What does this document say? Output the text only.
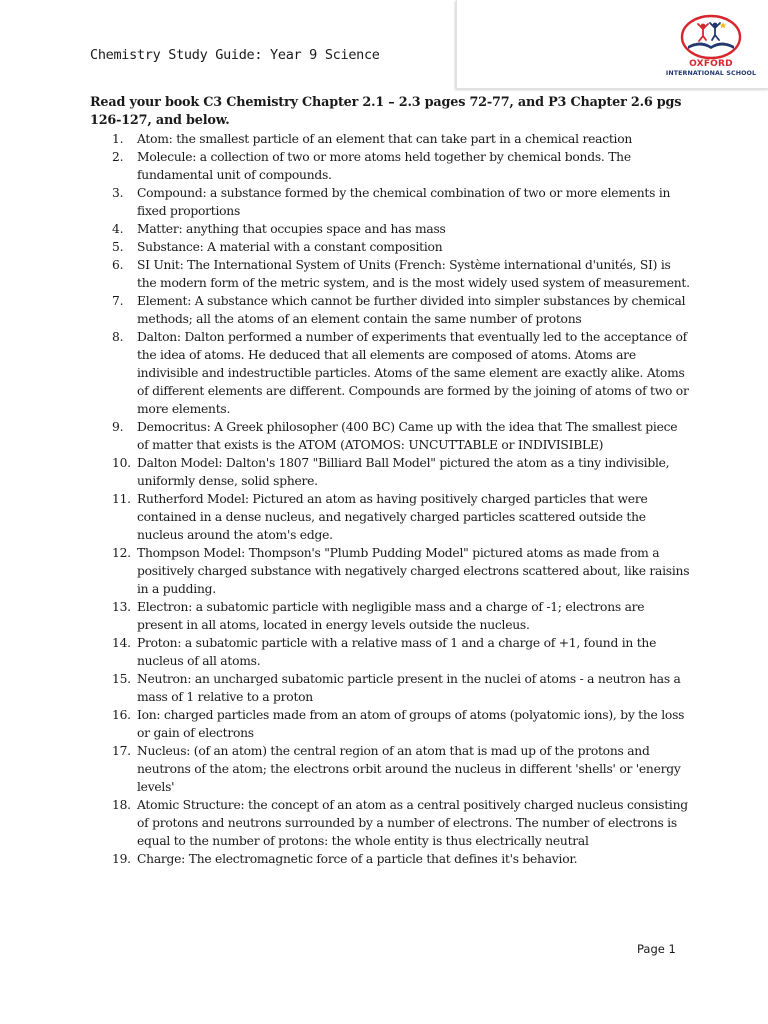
Chemistry Study Guide: Year 9 Science
OXFORD
INTERNATIONAL SCHOOL
Read your book C3 Chemistry Chapter 2.1 – 2.3 pages 72-77, and P3 Chapter 2.6 pgs 126-127, and below.
1. Atom: the smallest particle of an element that can take part in a chemical reaction
2. Molecule: a collection of two or more atoms held together by chemical bonds. The fundamental unit of compounds.
3. Compound: a substance formed by the chemical combination of two or more elements in fixed proportions
4. Matter: anything that occupies space and has mass
5. Substance: A material with a constant composition
6. SI Unit: The International System of Units (French: Système international d'unités, SI) is the modern form of the metric system, and is the most widely used system of measurement.
7. Element: A substance which cannot be further divided into simpler substances by chemical methods; all the atoms of an element contain the same number of protons
8. Dalton: Dalton performed a number of experiments that eventually led to the acceptance of the idea of atoms. He deduced that all elements are composed of atoms. Atoms are indivisible and indestructible particles. Atoms of the same element are exactly alike. Atoms of different elements are different. Compounds are formed by the joining of atoms of two or more elements.
9. Democritus: A Greek philosopher (400 BC) Came up with the idea that The smallest piece of matter that exists is the ATOM (ATOMOS: UNCUTTABLE or INDIVISIBLE)
10. Dalton Model: Dalton's 1807 "Billiard Ball Model" pictured the atom as a tiny indivisible, uniformly dense, solid sphere.
11. Rutherford Model: Pictured an atom as having positively charged particles that were contained in a dense nucleus, and negatively charged particles scattered outside the nucleus around the atom's edge.
12. Thompson Model: Thompson's "Plumb Pudding Model" pictured atoms as made from a positively charged substance with negatively charged electrons scattered about, like raisins in a pudding.
13. Electron: a subatomic particle with negligible mass and a charge of -1; electrons are present in all atoms, located in energy levels outside the nucleus.
14. Proton: a subatomic particle with a relative mass of 1 and a charge of +1, found in the nucleus of all atoms.
15. Neutron: an uncharged subatomic particle present in the nuclei of atoms - a neutron has a mass of 1 relative to a proton
16. Ion: charged particles made from an atom of groups of atoms (polyatomic ions), by the loss or gain of electrons
17. Nucleus: (of an atom) the central region of an atom that is mad up of the protons and neutrons of the atom; the electrons orbit around the nucleus in different 'shells' or 'energy levels'
18. Atomic Structure: the concept of an atom as a central positively charged nucleus consisting of protons and neutrons surrounded by a number of electrons. The number of electrons is equal to the number of protons: the whole entity is thus electrically neutral
19. Charge: The electromagnetic force of a particle that defines it's behavior.
Page 1
